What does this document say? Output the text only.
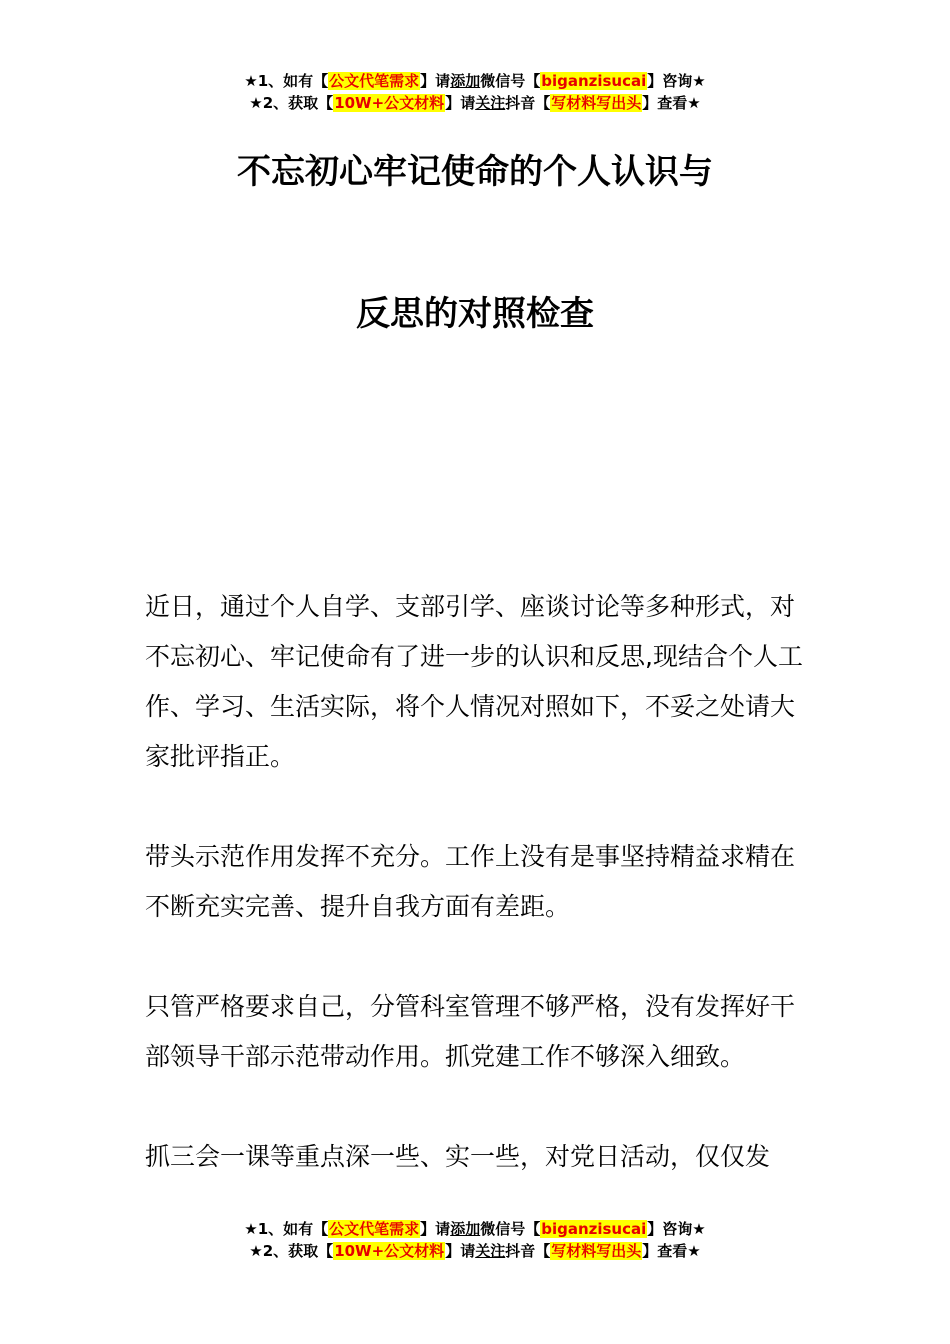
★1、如有【公文代笔需求】请添加微信号【biganzisucai】咨询★
★2、获取【10W+公文材料】请关注抖音【写材料写出头】查看★
不忘初心牢记使命的个人认识与
反思的对照检查

近日，通过个人自学、支部引学、座谈讨论等多种形式，对不忘初心、牢记使命有了进一步的认识和反思,现结合个人工作、学习、生活实际，将个人情况对照如下，不妥之处请大家批评指正。

带头示范作用发挥不充分。工作上没有是事坚持精益求精在不断充实完善、提升自我方面有差距。

只管严格要求自己，分管科室管理不够严格，没有发挥好干部领导干部示范带动作用。抓党建工作不够深入细致。

抓三会一课等重点深一些、实一些，对党日活动，仅仅发

★1、如有【公文代笔需求】请添加微信号【biganzisucai】咨询★
★2、获取【10W+公文材料】请关注抖音【写材料写出头】查看★
